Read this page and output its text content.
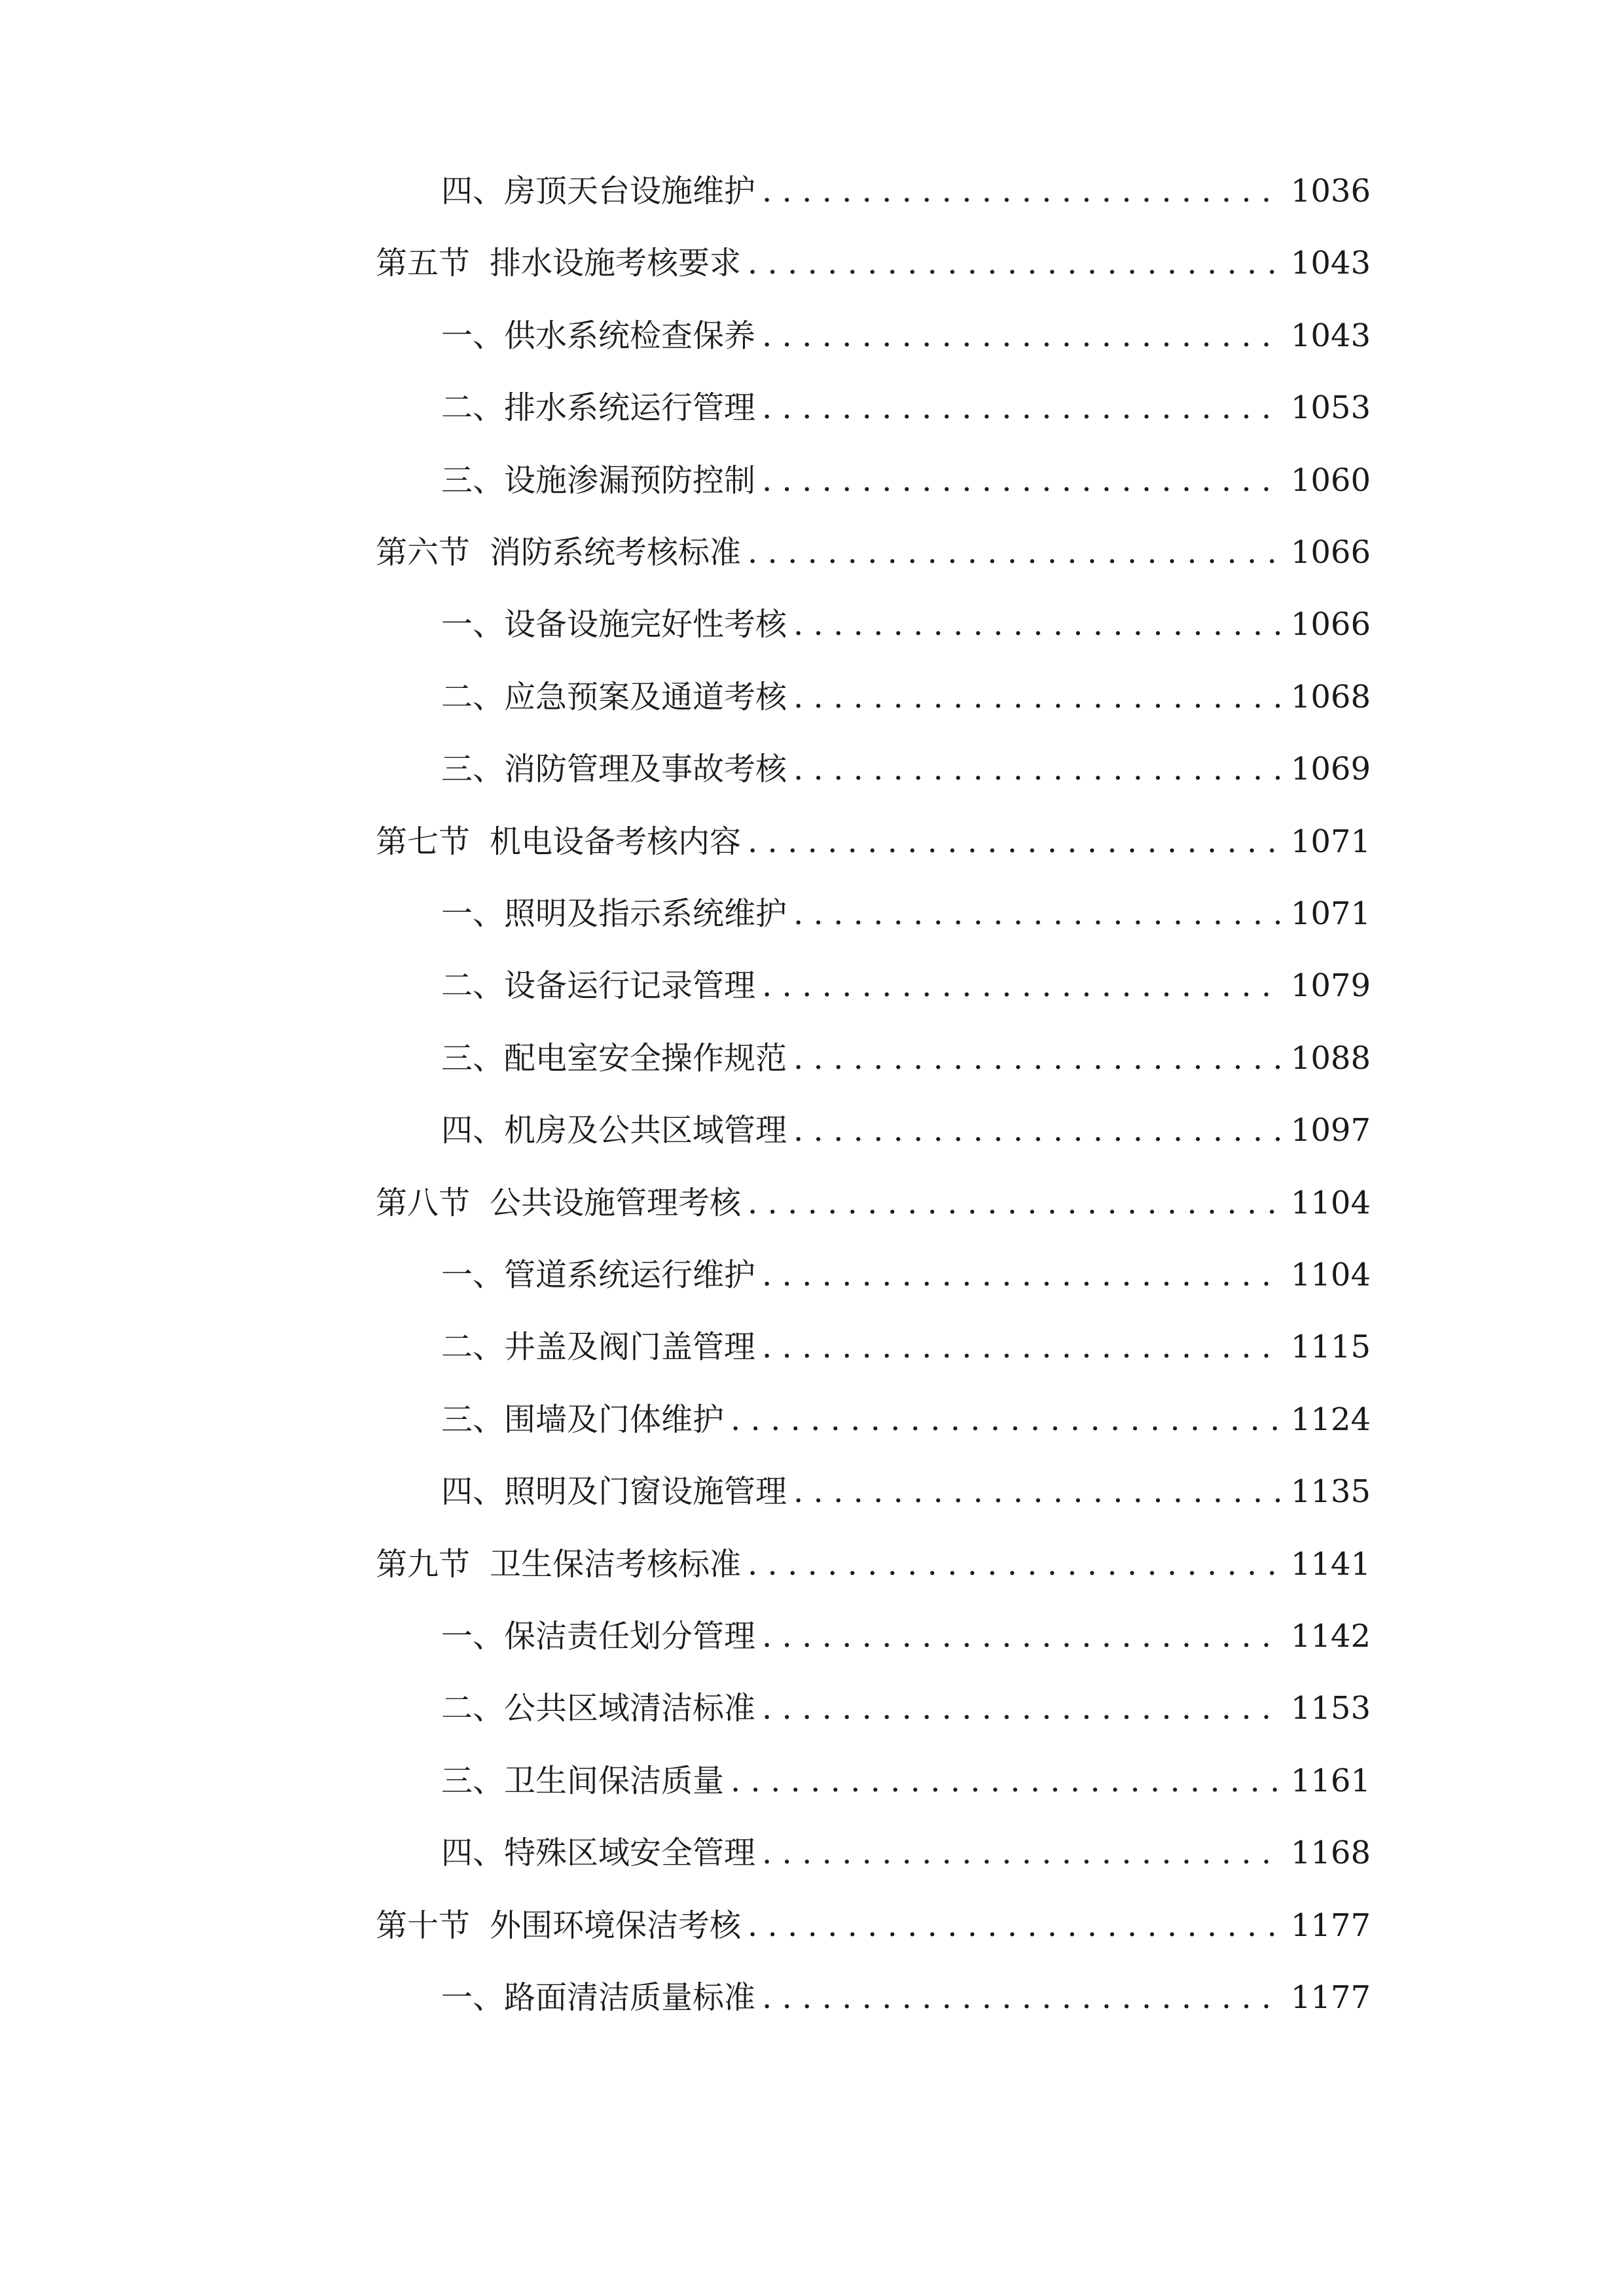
四、 房顶天台设施维护 . . .	1036
第五节 排水设施考核要求 . . .	1043
一、 供水系统检查保养 . . .	1043
二、 排水系统运行管理 . . .	1053
三、 设施渗漏预防控制 . . .	1060
第六节 消防系统考核标准 . . .	1066
一、 设备设施完好性考核 . . .	1066
二、 应急预案及通道考核 . . .	1068
三、 消防管理及事故考核 . . .	1069
第七节 机电设备考核内容 . . .	1071
一、 照明及指示系统维护 . . .	1071
二、 设备运行记录管理 . . .	1079
三、 配电室安全操作规范 . . .	1088
四、 机房及公共区域管理 . . .	1097
第八节 公共设施管理考核 . . .	1104
一、 管道系统运行维护 . . .	1104
二、 井盖及阀门盖管理 . . .	1115
三、 围墙及门体维护 . . .	1124
四、 照明及门窗设施管理 . . .	1135
第九节 卫生保洁考核标准 . . .	1141
一、 保洁责任划分管理 . . .	1142
二、 公共区域清洁标准 . . .	1153
三、 卫生间保洁质量 . . .	1161
四、 特殊区域安全管理 . . .	1168
第十节 外围环境保洁考核 . . .	1177
一、 路面清洁质量标准 . . .	1177
